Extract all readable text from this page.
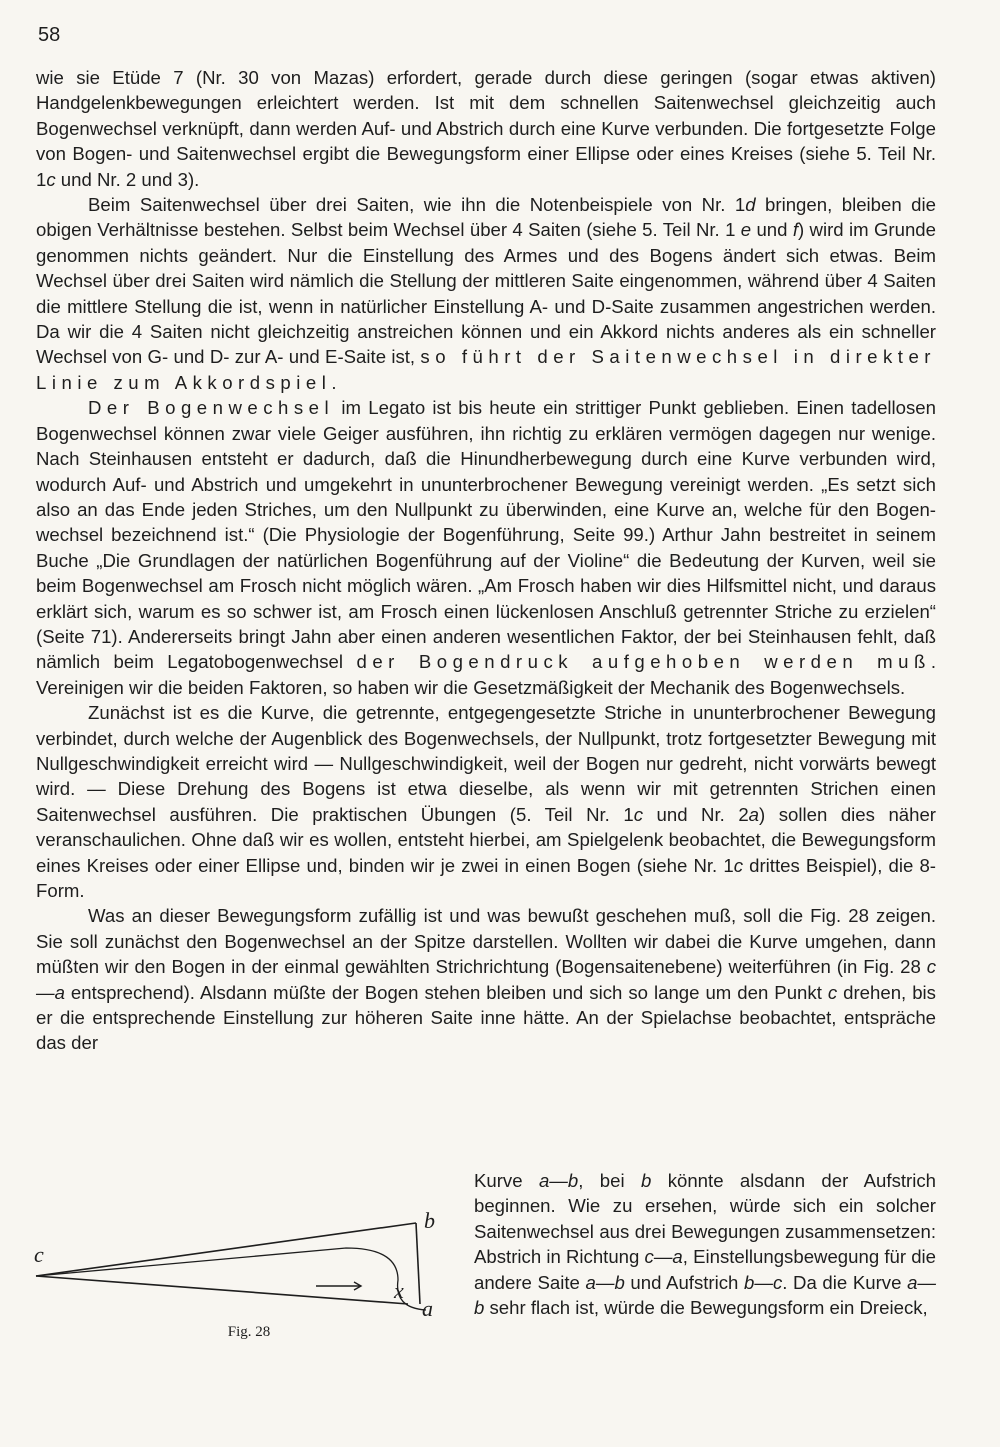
58

wie sie Etüde 7 (Nr. 30 von Mazas) erfordert, gerade durch diese geringen (sogar etwas aktiven) Handgelenkbewegungen erleichtert werden. Ist mit dem schnellen Saitenwechsel gleichzeitig auch Bogenwechsel verknüpft, dann werden Auf- und Abstrich durch eine Kurve verbunden. Die fortgesetzte Folge von Bogen- und Saitenwechsel ergibt die Bewegungsform einer Ellipse oder eines Kreises (siehe 5. Teil Nr. 1c und Nr. 2 und 3).

Beim Saitenwechsel über drei Saiten, wie ihn die Notenbeispiele von Nr. 1d bringen, bleiben die obigen Verhältnisse bestehen. Selbst beim Wechsel über 4 Saiten (siehe 5. Teil Nr. 1 e und f) wird im Grunde genommen nichts geändert. Nur die Einstellung des Armes und des Bogens ändert sich etwas. Beim Wechsel über drei Saiten wird nämlich die Stellung der mittleren Saite eingenommen, während über 4 Saiten die mittlere Stellung die ist, wenn in natürlicher Einstellung A- und D-Saite zusammen angestrichen werden. Da wir die 4 Saiten nicht gleichzeitig anstreichen können und ein Akkord nichts anderes als ein schneller Wechsel von G- und D- zur A- und E-Saite ist, so führt der Saitenwechsel in direkter Linie zum Akkordspiel.

Der Bogenwechsel im Legato ist bis heute ein strittiger Punkt geblieben. Einen tadellosen Bogenwechsel können zwar viele Geiger ausführen, ihn richtig zu erklären vermögen dagegen nur wenige. Nach Steinhausen entsteht er dadurch, daß die Hinundherbewegung durch eine Kurve verbunden wird, wodurch Auf- und Abstrich und umgekehrt in ununterbrochener Bewegung vereinigt werden. „Es setzt sich also an das Ende jeden Striches, um den Nullpunkt zu überwinden, eine Kurve an, welche für den Bogenwechsel bezeichnend ist.“ (Die Physiologie der Bogenführung, Seite 99.) Arthur Jahn bestreitet in seinem Buche „Die Grundlagen der natürlichen Bogenführung auf der Violine“ die Bedeutung der Kurven, weil sie beim Bogenwechsel am Frosch nicht möglich wären. „Am Frosch haben wir dies Hilfsmittel nicht, und daraus erklärt sich, warum es so schwer ist, am Frosch einen lückenlosen Anschluß getrennter Striche zu erzielen“ (Seite 71). Andererseits bringt Jahn aber einen anderen wesentlichen Faktor, der bei Steinhausen fehlt, daß nämlich beim Legatobogenwechsel der Bogendruck aufgehoben werden muß. Vereinigen wir die beiden Faktoren, so haben wir die Gesetzmäßigkeit der Mechanik des Bogenwechsels.

Zunächst ist es die Kurve, die getrennte, entgegengesetzte Striche in ununterbrochener Bewegung verbindet, durch welche der Augenblick des Bogenwechsels, der Nullpunkt, trotz fortgesetzter Bewegung mit Nullgeschwindigkeit erreicht wird — Nullgeschwindigkeit, weil der Bogen nur gedreht, nicht vorwärts bewegt wird. — Diese Drehung des Bogens ist etwa dieselbe, als wenn wir mit getrennten Strichen einen Saitenwechsel ausführen. Die praktischen Übungen (5. Teil Nr. 1c und Nr. 2a) sollen dies näher veranschaulichen. Ohne daß wir es wollen, entsteht hierbei, am Spielgelenk beobachtet, die Bewegungsform eines Kreises oder einer Ellipse und, binden wir je zwei in einen Bogen (siehe Nr. 1c drittes Beispiel), die 8-Form.

Was an dieser Bewegungsform zufällig ist und was bewußt geschehen muß, soll die Fig. 28 zeigen. Sie soll zunächst den Bogenwechsel an der Spitze darstellen. Wollten wir dabei die Kurve umgehen, dann müßten wir den Bogen in der einmal gewählten Strichrichtung (Bogensaitenebene) weiterführen (in Fig. 28 c—a entsprechend). Alsdann müßte der Bogen stehen bleiben und sich so lange um den Punkt c drehen, bis er die entsprechende Einstellung zur höheren Saite inne hätte. An der Spielachse beobachtet, entspräche das der

c
b
a
x
Fig. 28

Kurve a—b, bei b könnte alsdann der Aufstrich beginnen. Wie zu ersehen, würde sich ein solcher Saitenwechsel aus drei Bewegungen zusammensetzen: Abstrich in Richtung c—a, Einstellungsbewegung für die andere Saite a—b und Aufstrich b—c. Da die Kurve a—b sehr flach ist, würde die Bewegungsform ein Dreieck,
